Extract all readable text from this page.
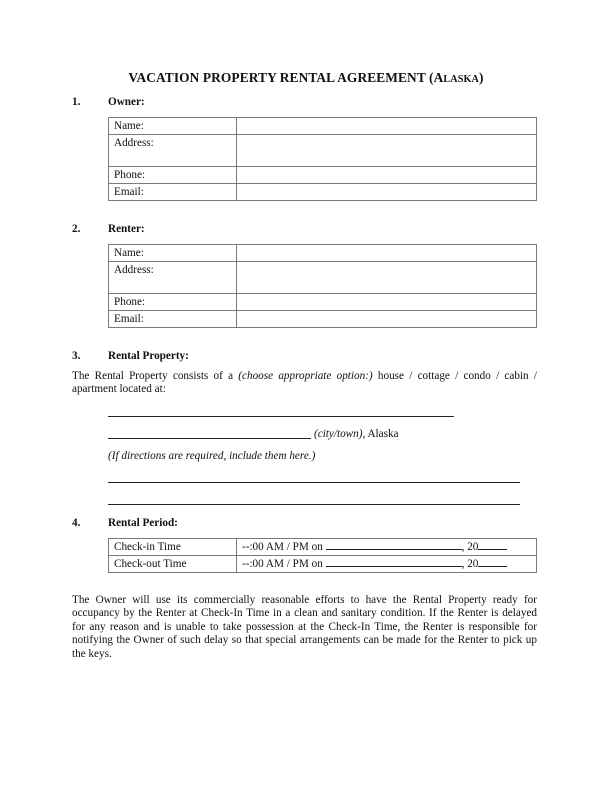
VACATION PROPERTY RENTAL AGREEMENT (ALASKA)
1. Owner:
Name:	
Address:	
Phone:	
Email:	
2. Renter:
Name:	
Address:	
Phone:	
Email:	
3. Rental Property:
The Rental Property consists of a (choose appropriate option:) house / cottage / condo / cabin / apartment located at:
(city/town), Alaska
(If directions are required, include them here.)
4. Rental Period:
Check-in Time	--:00 AM / PM on , 20
Check-out Time	--:00 AM / PM on , 20
The Owner will use its commercially reasonable efforts to have the Rental Property ready for occupancy by the Renter at Check-In Time in a clean and sanitary condition. If the Renter is delayed for any reason and is unable to take possession at the Check-In Time, the Renter is responsible for notifying the Owner of such delay so that special arrangements can be made for the Renter to pick up the keys.
